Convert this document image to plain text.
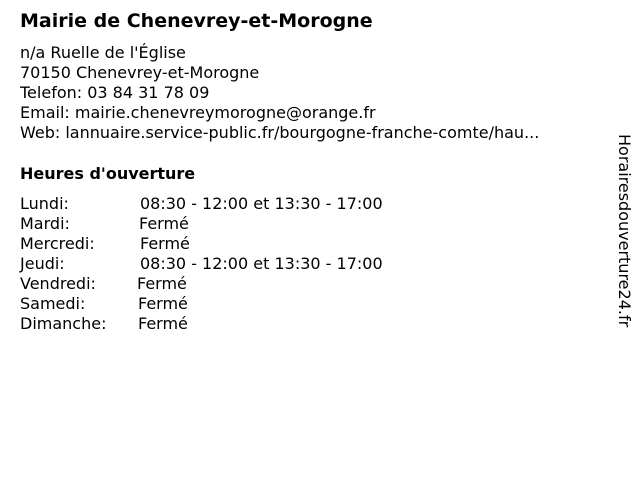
Mairie de Chenevrey-et-Morogne
n/a Ruelle de l'Église
70150 Chenevrey-et-Morogne
Telefon: 03 84 31 78 09
Email: mairie.chenevreymorogne@orange.fr
Web: lannuaire.service-public.fr/bourgogne-franche-comte/hau...
Heures d'ouverture
Lundi:	08:30 - 12:00 et 13:30 - 17:00
Mardi:	Fermé
Mercredi:	Fermé
Jeudi:	08:30 - 12:00 et 13:30 - 17:00
Vendredi:	Fermé
Samedi:	Fermé
Dimanche: Fermé	Horairesdouverture24.fr
